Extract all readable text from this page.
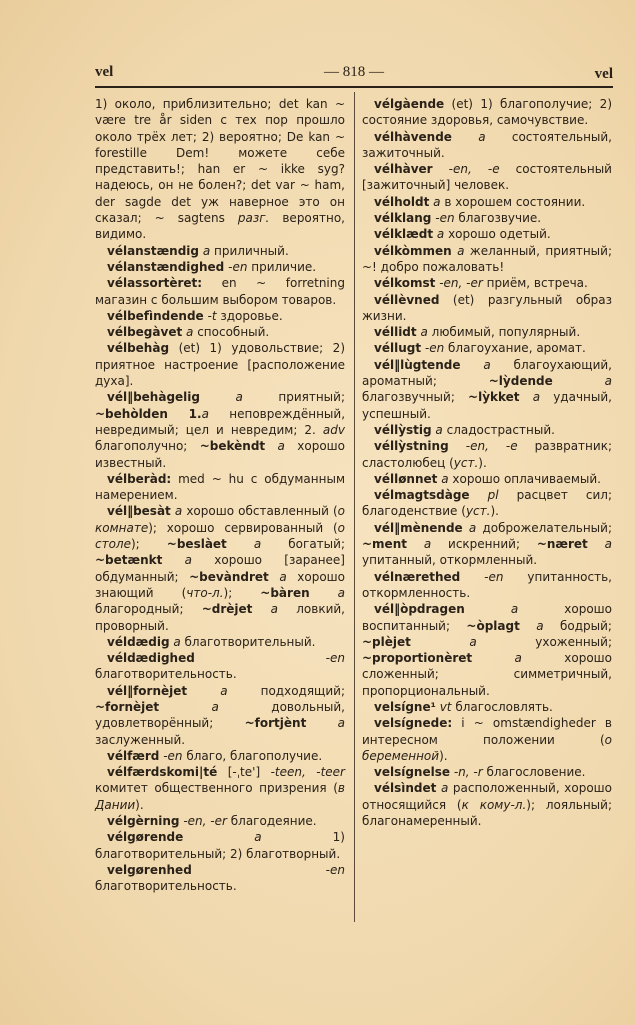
vel	— 818 —	vel

1) около, приблизительно; det kan ~ være tre år siden с тех пор прошло около трёх лет; 2) вероятно; De kan ~ forestille Dem! можете себе представить!; han er ~ ikke syg? надеюсь, он не болен?; det var ~ ham, der sagde det уж наверное это он сказал; ~ sagtens разг. вероятно, видимо.

vélanstændig a приличный.

vélanstændighed -en приличие.

vélassortèret: en ~ forretning магазин с большим выбором товаров.

vélbefìndende -t здоровье.

vélbegàvet a способный.

vélbehàg (et) 1) удовольствие; 2) приятное настроение [расположение духа].

vél‖behàgelig	a приятный; ~behòlden 1.a неповреждённый, невредимый; цел и невредим; 2. adv благополучно; ~bekèndt a хорошо известный.

vélberàd: med ~ hu с обдуманным намерением.

vél‖besàt a хорошо обставленный (о комнате); хорошо сервированный (о столе); ~beslàet a богатый; ~betænkt a хорошо [заранее] обдуманный; ~bevàndret a хорошо знающий (что-л.); ~bàren a благородный; ~drèjet a ловкий, проворный.

véldædig a благотворительный.

véldædighed	-en благотворительность.

vél‖fornèjet	a подходящий; ~fornèjet	a довольный, удовлетворённый; ~fortjènt	a заслуженный.

vélfærd -en благо, благополучие.

vélfærdskomi|té [-ˌte'] -teen, -teer комитет общественного призрения (в Дании).

vélgèrning -en, -er благодеяние.

vélgørende	a 1) благотворительный; 2) благотворный.

velgørenhed	-en благотворительность.

vélgàende (et) 1) благополучие; 2) состояние здоровья, самочувствие.

vélhàvende a состоятельный, зажиточный.

vélhàver -en, -e состоятельный [зажиточный] человек.

vélholdt a в хорошем состоянии.

vélklang -en благозвучие.

vélklædt a хорошо одетый.

vélkòmmen a желанный, приятный; ~! добро пожаловать!

vélkomst -en, -er приём, встреча.

véllèvned (et) разгульный образ жизни.

véllidt a любимый, популярный.

véllugt -en благоухание, аромат.

vél‖lùgtende a благоухающий, ароматный; ~lỳdende	a благозвучный; ~lỳkket a удачный, успешный.

véllỳstig a сладострастный.

véllỳstning -en, -e развратник; сластолюбец (уст.).

véllønnet a хорошо оплачиваемый.

vélmagtsdàge pl расцвет сил; благоденствие (уст.).

vél‖mènende a доброжелательный; ~ment a искренний; ~næret a упитанный, откормленный.

vélnærethed -en упитанность, откормленность.

vél‖òpdragen	a хорошо воспитанный; ~òplagt a бодрый; ~plèjet	a ухоженный; ~proportionèret	a хорошо сложенный; симметричный, пропорциональный.

velsígne¹ vt благословлять.

velsígnede: i ~ omstændigheder в интересном положении (о беременной).

velsígnelse -n, -r благословение.

vélsìndet a расположенный, хорошо относящийся (к кому-л.); лояльный; благонамеренный.
